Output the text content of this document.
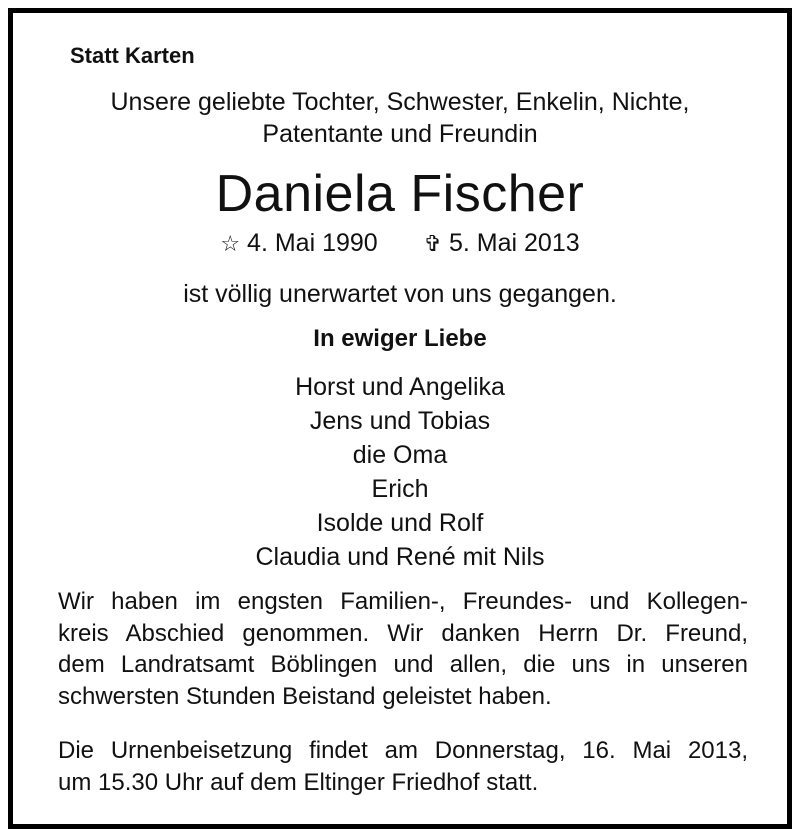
Statt Karten
Unsere geliebte Tochter, Schwester, Enkelin, Nichte,
Patentante und Freundin
Daniela Fischer
☆ 4. Mai 1990 ✞ 5. Mai 2013
ist völlig unerwartet von uns gegangen.
In ewiger Liebe
Horst und Angelika
Jens und Tobias
die Oma
Erich
Isolde und Rolf
Claudia und René mit Nils
Wir haben im engsten Familien-, Freundes- und Kollegen-
kreis Abschied genommen. Wir danken Herrn Dr. Freund,
dem Landratsamt Böblingen und allen, die uns in unseren
schwersten Stunden Beistand geleistet haben.
Die Urnenbeisetzung findet am Donnerstag, 16. Mai 2013,
um 15.30 Uhr auf dem Eltinger Friedhof statt.
